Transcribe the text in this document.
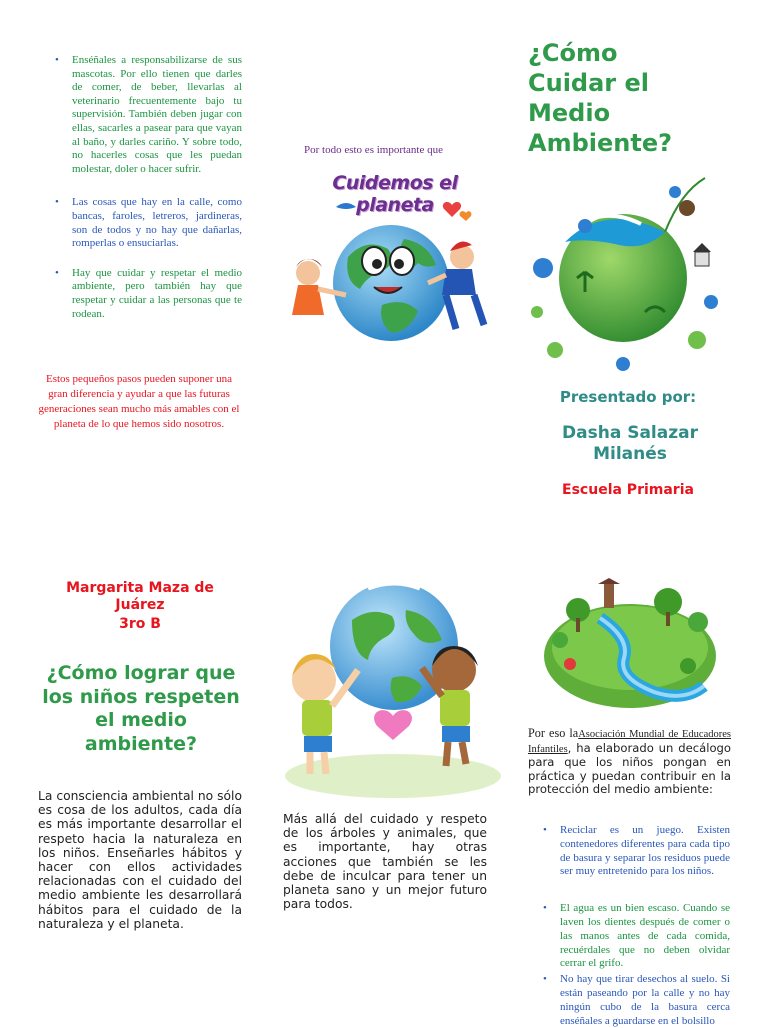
• Enséñales a responsabilizarse de sus mascotas. Por ello tienen que darles de comer, de beber, llevarlas al veterinario frecuentemente bajo tu supervisión. También deben jugar con ellas, sacarles a pasear para que vayan al baño, y darles cariño. Y sobre todo, no hacerles cosas que les puedan molestar, doler o hacer sufrir.
• Las cosas que hay en la calle, como bancas, faroles, letreros, jardineras, son de todos y no hay que dañarlas, romperlas o ensuciarlas.
• Hay que cuidar y respetar el medio ambiente, pero también hay que respetar y cuidar a las personas que te rodean.
Estos pequeños pasos pueden suponer una gran diferencia y ayudar a que las futuras generaciones sean mucho más amables con el planeta de lo que hemos sido nosotros.
Por todo esto es importante que
Cuidemos el planeta
¿Cómo Cuidar el Medio Ambiente?
Presentado por:
Dasha Salazar Milanés
Escuela Primaria
Margarita Maza de Juárez
3ro B
¿Cómo lograr que los niños respeten el medio ambiente?
La consciencia ambiental no sólo es cosa de los adultos, cada día es más importante desarrollar el respeto hacia la naturaleza en los niños. Enseñarles hábitos y hacer con ellos actividades relacionadas con el cuidado del medio ambiente les desarrollará hábitos para el cuidado de la naturaleza y el planeta.
Más allá del cuidado y respeto de los árboles y animales, que es importante, hay otras acciones que también se les debe de inculcar para tener un planeta sano y un mejor futuro para todos.
Por eso laAsociación Mundial de Educadores Infantiles, ha elaborado un decálogo para que los niños pongan en práctica y puedan contribuir en la protección del medio ambiente:
• Reciclar es un juego. Existen contenedores diferentes para cada tipo de basura y separar los residuos puede ser muy entretenido para los niños.
• El agua es un bien escaso. Cuando se laven los dientes después de comer o las manos antes de cada comida, recuérdales que no deben olvidar cerrar el grifo.
• No hay que tirar desechos al suelo. Si están paseando por la calle y no hay ningún cubo de la basura cerca enséñales a guardarse en el bolsillo
